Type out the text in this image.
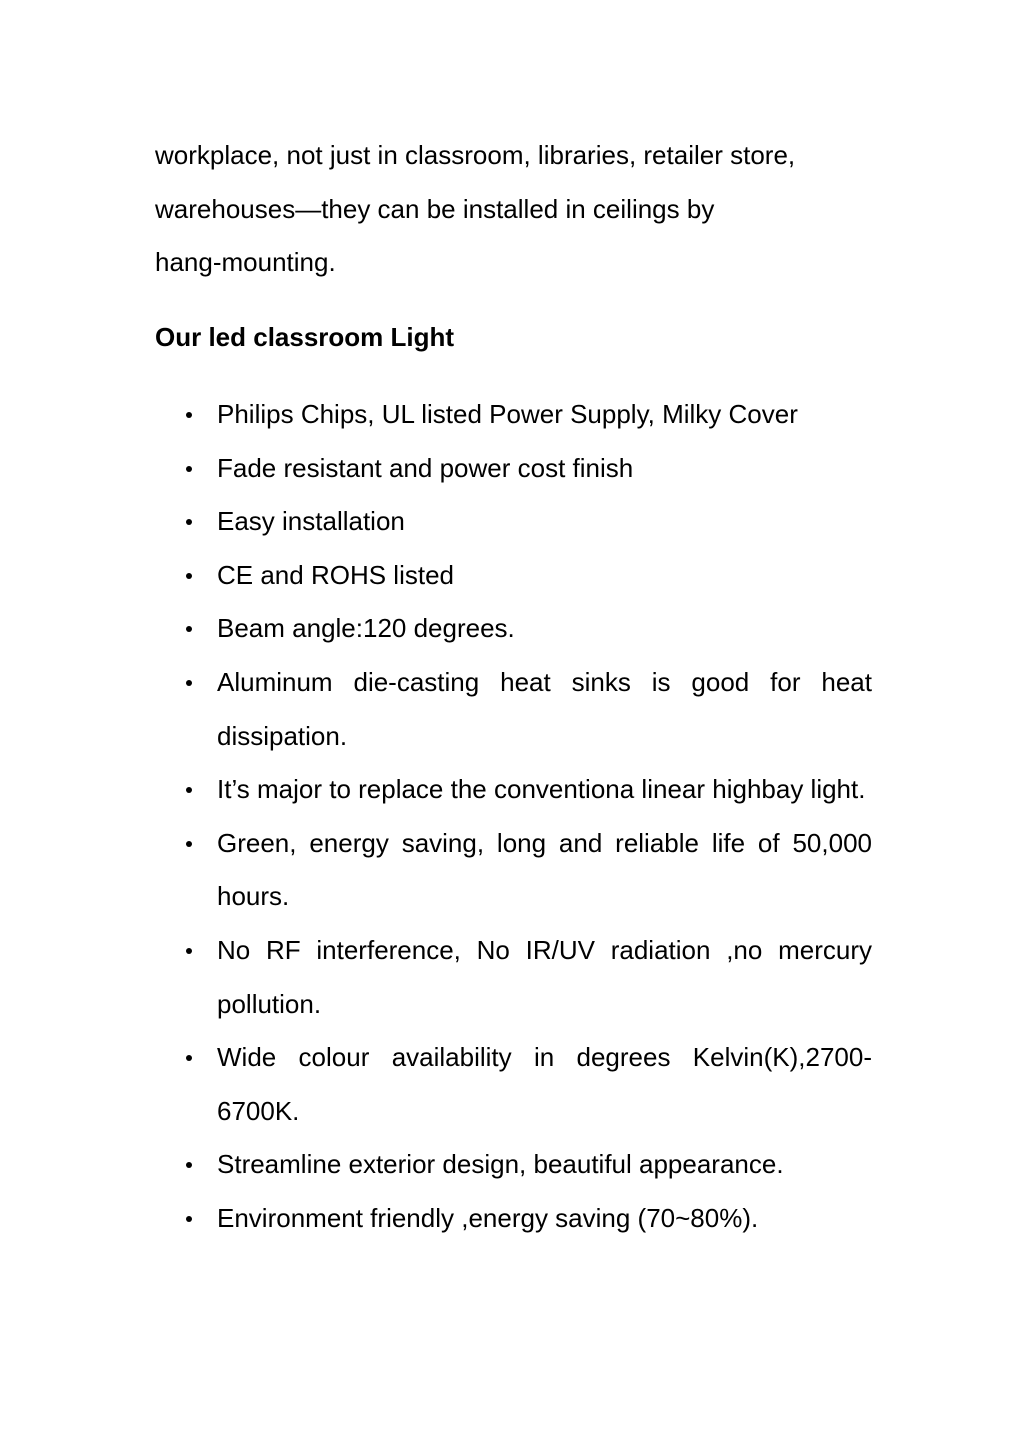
workplace, not just in classroom, libraries, retailer store,

warehouses—they can be installed in ceilings by

hang-mounting.

Our led classroom Light
Philips Chips, UL listed Power Supply, Milky Cover
Fade resistant and power cost finish
Easy installation
CE and ROHS listed
Beam angle:120 degrees.
Aluminum die-casting heat sinks is good for heat dissipation.
It’s major to replace the conventiona linear highbay light.
Green, energy saving, long and reliable life of 50,000 hours.
No RF interference, No IR/UV radiation ,no mercury pollution.
Wide colour availability in degrees Kelvin(K),2700-6700K.
Streamline exterior design, beautiful appearance.
Environment friendly ,energy saving (70~80%).
